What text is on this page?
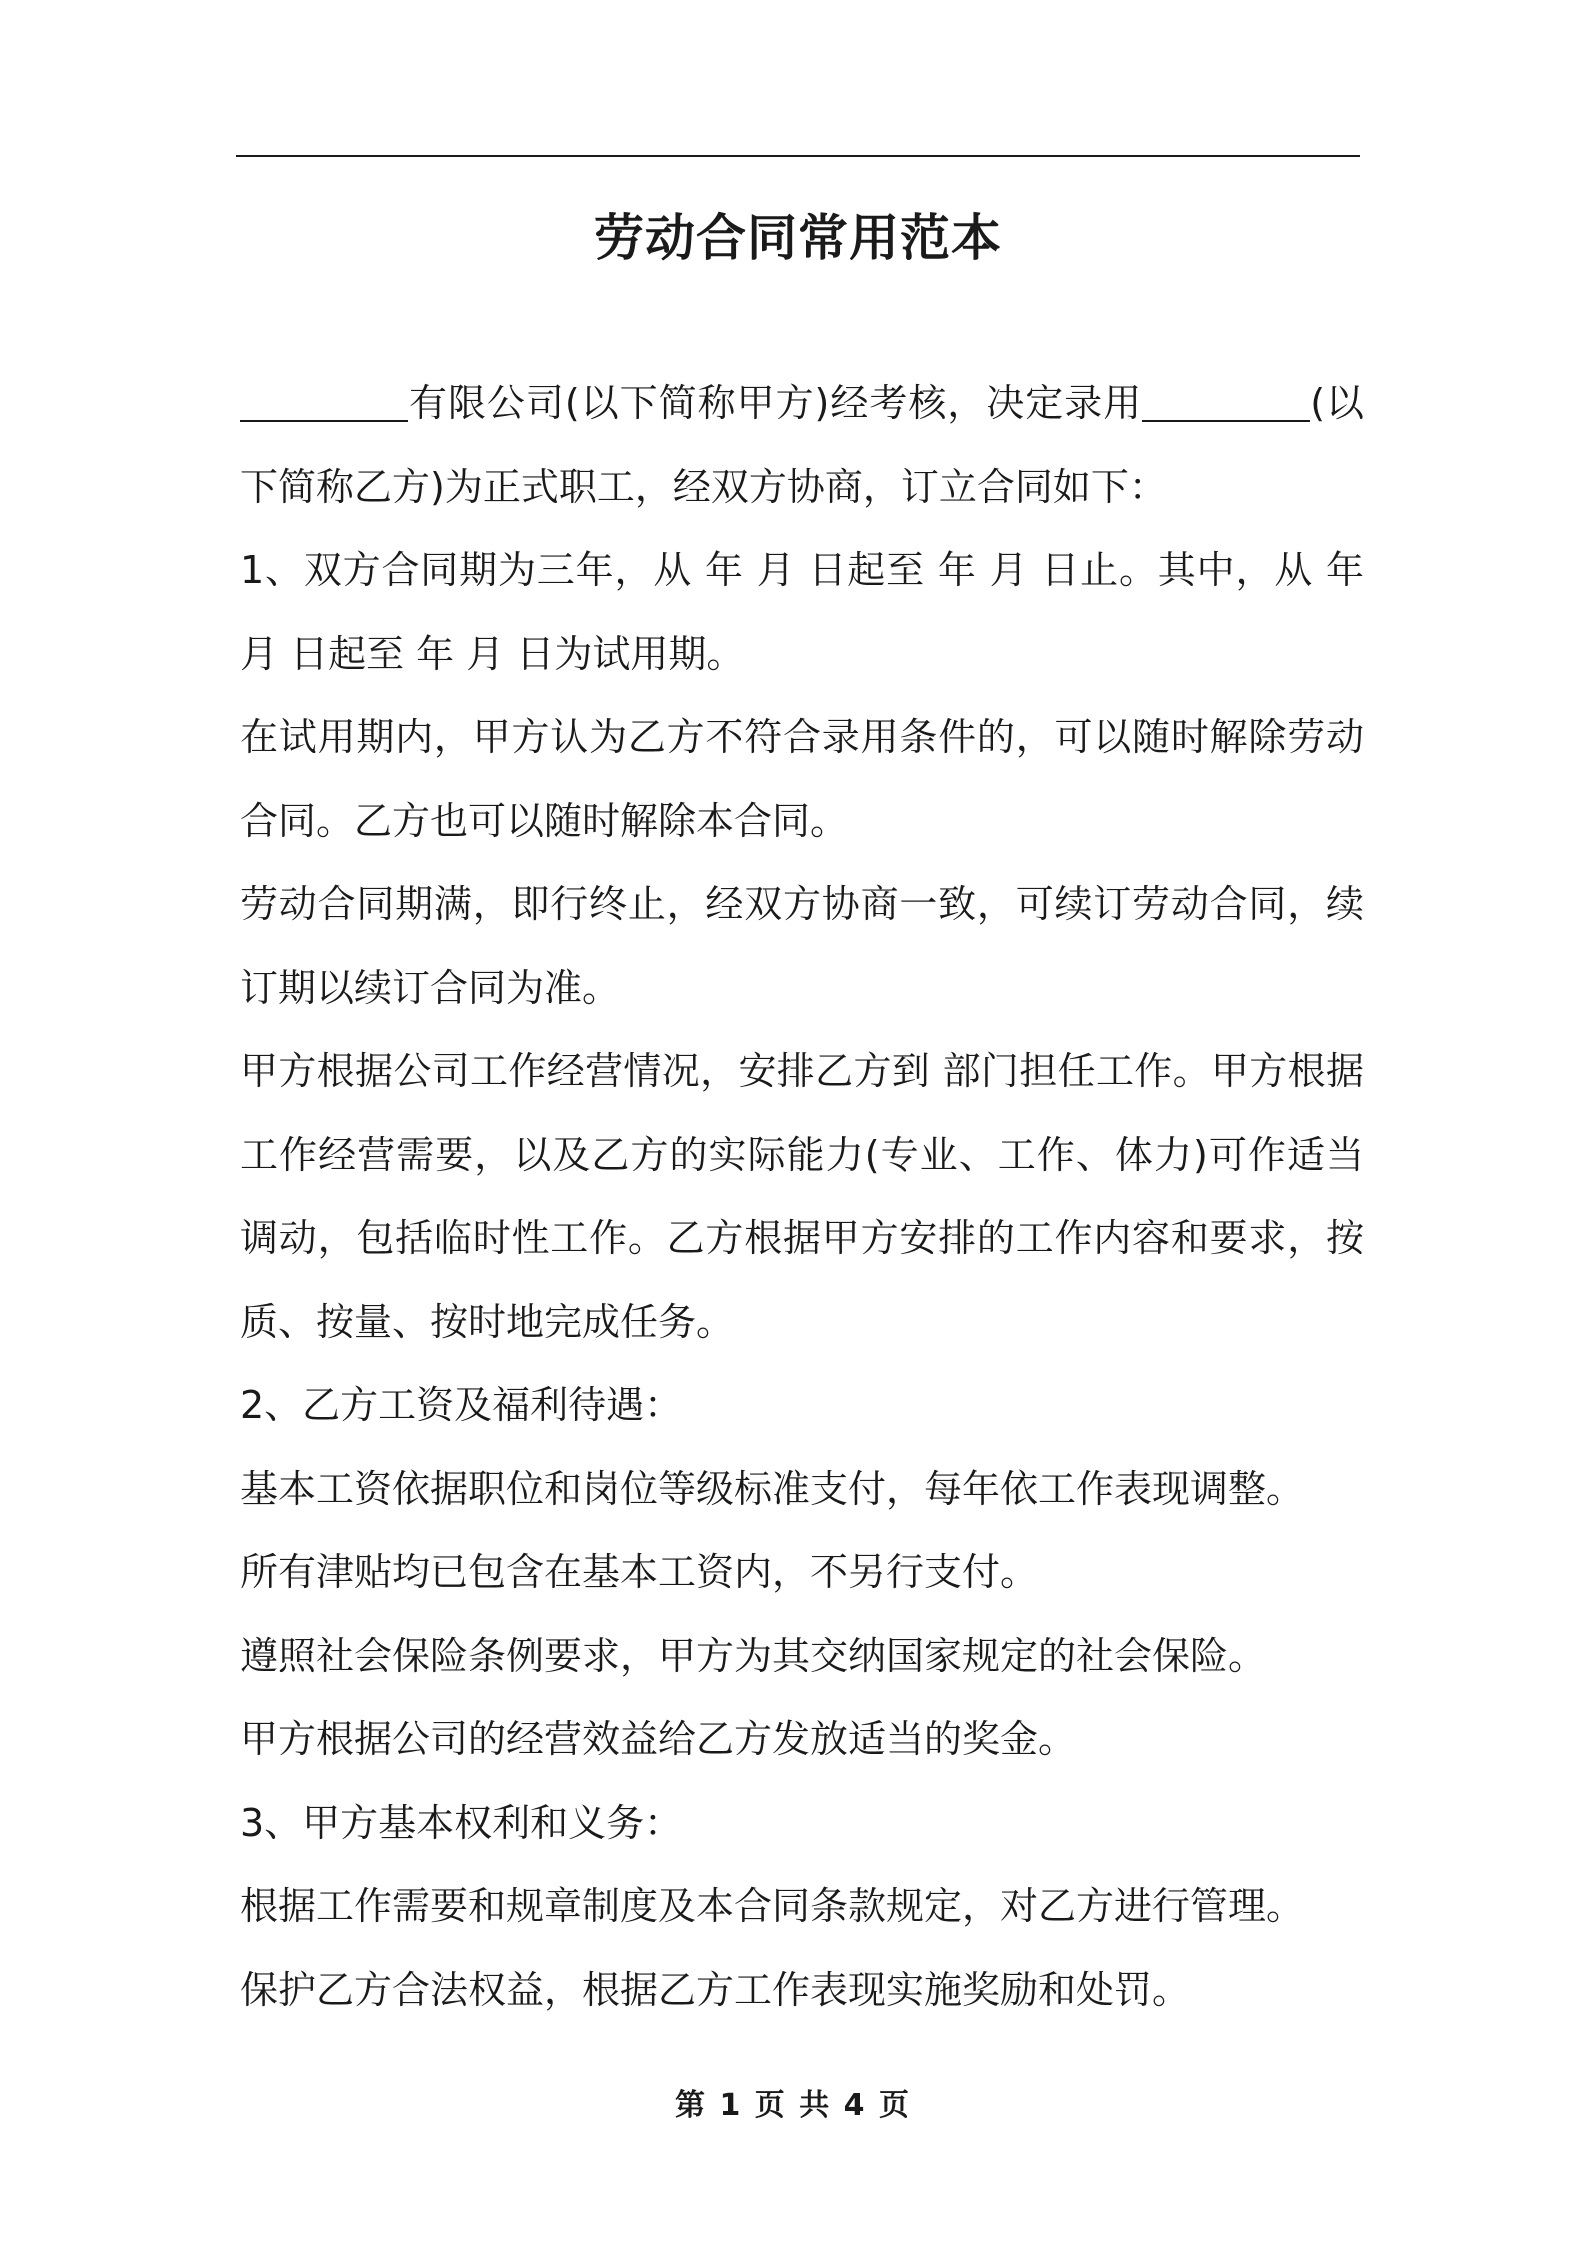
劳动合同常用范本

有限公司(以下简称甲方)经考核，决定录用	(以下简称乙方)为正式职工，经双方协商，订立合同如下：

1、双方合同期为三年，从 年 月 日起至 年 月 日止。其中，从 年 月 日起至 年 月 日为试用期。

在试用期内，甲方认为乙方不符合录用条件的，可以随时解除劳动合同。乙方也可以随时解除本合同。

劳动合同期满，即行终止，经双方协商一致，可续订劳动合同，续订期以续订合同为准。

甲方根据公司工作经营情况，安排乙方到 部门担任工作。甲方根据工作经营需要，以及乙方的实际能力(专业、工作、体力)可作适当调动，包括临时性工作。乙方根据甲方安排的工作内容和要求，按质、按量、按时地完成任务。

2、乙方工资及福利待遇：

基本工资依据职位和岗位等级标准支付，每年依工作表现调整。

所有津贴均已包含在基本工资内，不另行支付。

遵照社会保险条例要求，甲方为其交纳国家规定的社会保险。

甲方根据公司的经营效益给乙方发放适当的奖金。

3、甲方基本权利和义务：

根据工作需要和规章制度及本合同条款规定，对乙方进行管理。

保护乙方合法权益，根据乙方工作表现实施奖励和处罚。

第 1 页 共 4 页
